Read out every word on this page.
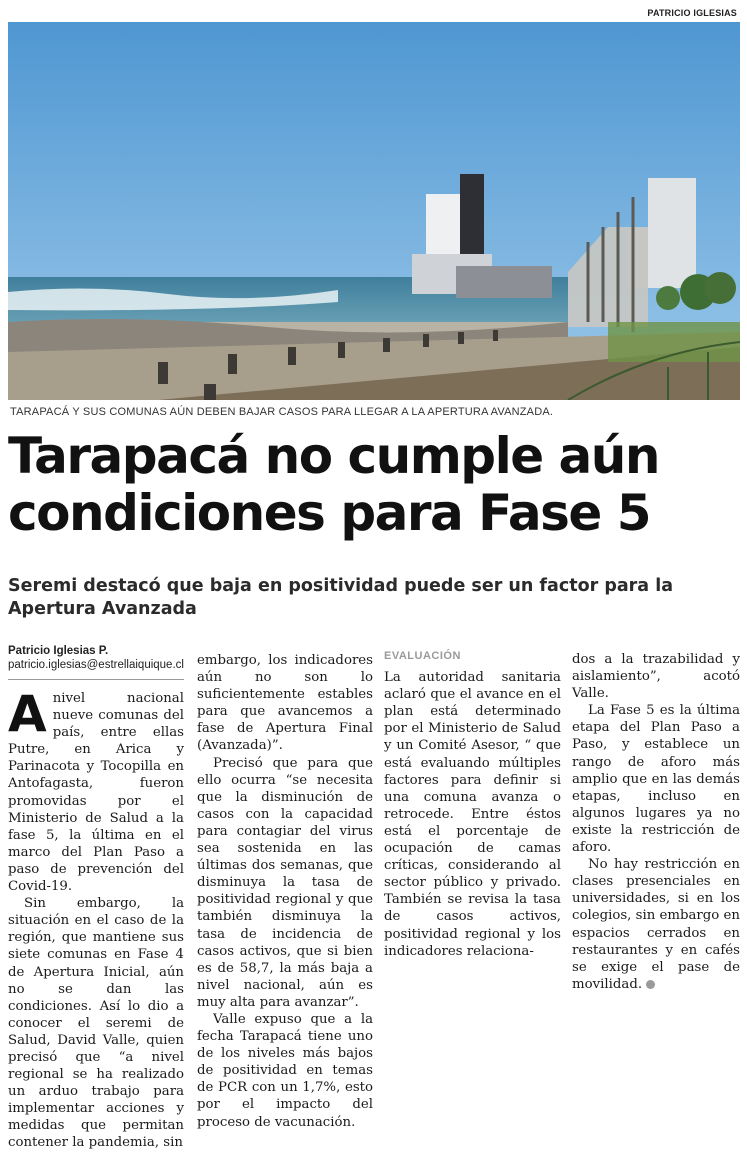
PATRICIO IGLESIAS
TARAPACÁ Y SUS COMUNAS AÚN DEBEN BAJAR CASOS PARA LLEGAR A LA APERTURA AVANZADA.
Tarapacá no cumple aún condiciones para Fase 5
Seremi destacó que baja en positividad puede ser un factor para la Apertura Avanzada
Patricio Iglesias P.
patricio.iglesias@estrellaiquique.cl

Anivel nacional nueve comunas del país, entre ellas Putre, en Arica y Parinacota y Tocopilla en Antofagasta, fueron promovidas por el Ministerio de Salud a la fase 5, la última en el marco del Plan Paso a paso de prevención del Covid-19.

Sin embargo, la situación en el caso de la región, que mantiene sus siete comunas en Fase 4 de Apertura Inicial, aún no se dan las condiciones. Así lo dio a conocer el seremi de Salud, David Valle, quien precisó que “a nivel regional se ha realizado un arduo trabajo para implementar acciones y medidas que permitan contener la pandemia, sin

embargo, los indicadores aún no son lo suficientemente estables para que avancemos a fase de Apertura Final (Avanzada)”.

Precisó que para que ello ocurra “se necesita que la disminución de casos con la capacidad para contagiar del virus sea sostenida en las últimas dos semanas, que disminuya la tasa de positividad regional y que también disminuya la tasa de incidencia de casos activos, que si bien es de 58,7, la más baja a nivel nacional, aún es muy alta para avanzar”.

Valle expuso que a la fecha Tarapacá tiene uno de los niveles más bajos de positividad en temas de PCR con un 1,7%, esto por el impacto del proceso de vacunación.

EVALUACIÓN

La autoridad sanitaria aclaró que el avance en el plan está determinado por el Ministerio de Salud y un Comité Asesor, “ que está evaluando múltiples factores para definir si una comuna avanza o retrocede. Entre éstos está el porcentaje de ocupación de camas críticas, considerando al sector público y privado. También se revisa la tasa de casos activos, positividad regional y los indicadores relaciona-

dos a la trazabilidad y aislamiento”, acotó Valle.

La Fase 5 es la última etapa del Plan Paso a Paso, y establece un rango de aforo más amplio que en las demás etapas, incluso en algunos lugares ya no existe la restricción de aforo.

No hay restricción en clases presenciales en universidades, si en los colegios, sin embargo en espacios cerrados en restaurantes y en cafés se exige el pase de movilidad.	✕
